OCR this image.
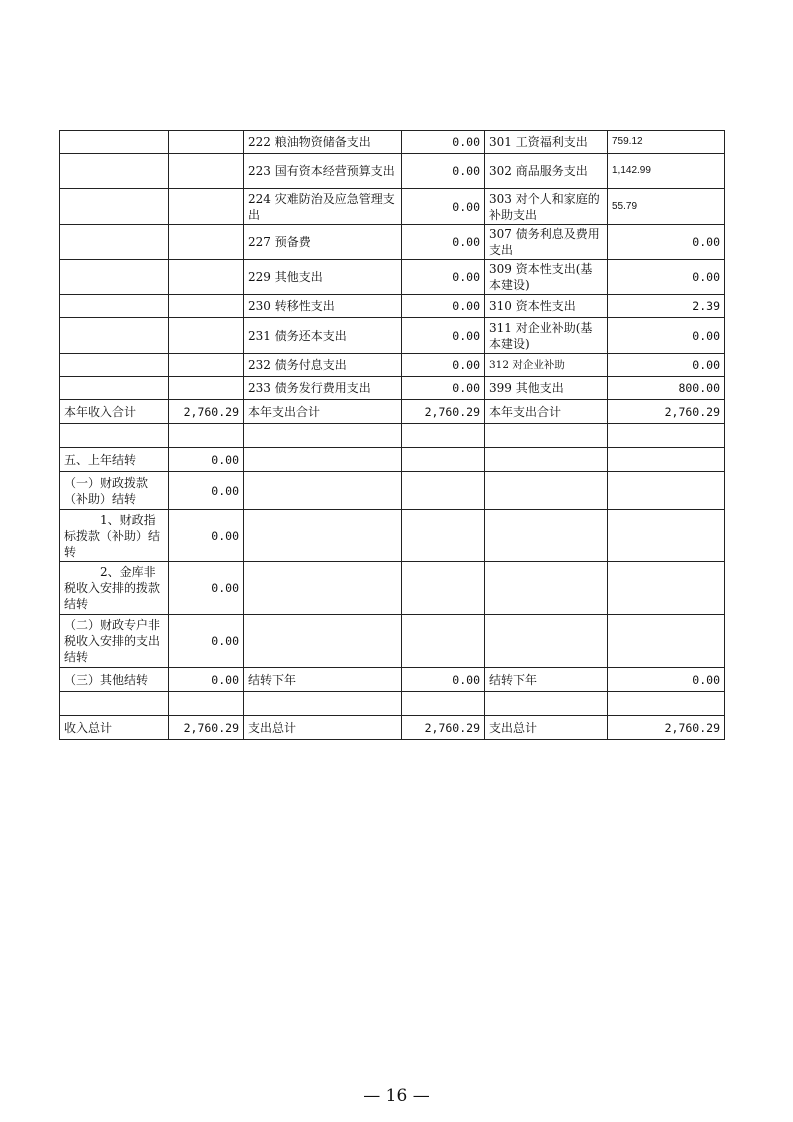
		222 粮油物资储备支出	0.00	301 工资福利支出	759.12
		223 国有资本经营预算支出	0.00	302 商品服务支出	1,142.99
		224 灾难防治及应急管理支出	0.00	303 对个人和家庭的补助支出	55.79
		227 预备费	0.00	307 债务利息及费用支出	0.00
		229 其他支出	0.00	309 资本性支出(基本建设)	0.00
		230 转移性支出	0.00	310 资本性支出	2.39
		231 债务还本支出	0.00	311 对企业补助(基本建设)	0.00
		232 债务付息支出	0.00	312 对企业补助	0.00
		233 债务发行费用支出	0.00	399 其他支出	800.00
本年收入合计	2,760.29	本年支出合计	2,760.29	本年支出合计	2,760.29

五、上年结转	0.00				
（一）财政拨款（补助）结转	0.00				
1、财政指标拨款（补助）结转	0.00				
2、金库非税收入安排的拨款结转	0.00				
（二）财政专户非税收入安排的支出结转	0.00				
（三）其他结转	0.00	结转下年	0.00	结转下年	0.00

收入总计	2,760.29	支出总计	2,760.29	支出总计	2,760.29
— 16 —
